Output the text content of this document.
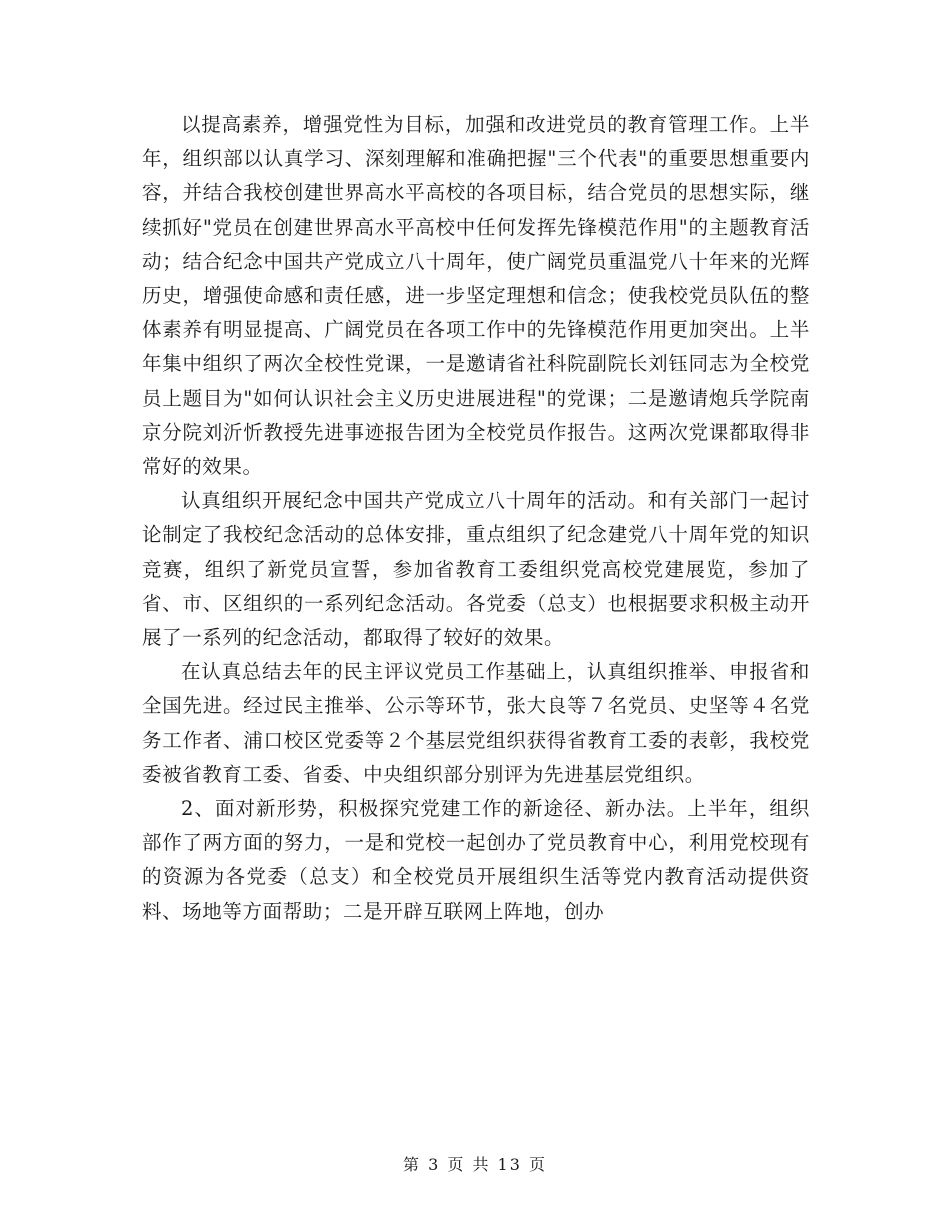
以提高素养，增强党性为目标，加强和改进党员的教育管理工作。上半年，组织部以认真学习、深刻理解和准确把握"三个代表"的重要思想重要内容，并结合我校创建世界高水平高校的各项目标，结合党员的思想实际，继续抓好"党员在创建世界高水平高校中任何发挥先锋模范作用"的主题教育活动；结合纪念中国共产党成立八十周年，使广阔党员重温党八十年来的光辉历史，增强使命感和责任感，进一步坚定理想和信念；使我校党员队伍的整体素养有明显提高、广阔党员在各项工作中的先锋模范作用更加突出。上半年集中组织了两次全校性党课，一是邀请省社科院副院长刘钰同志为全校党员上题目为"如何认识社会主义历史进展进程"的党课；二是邀请炮兵学院南京分院刘沂忻教授先进事迹报告团为全校党员作报告。这两次党课都取得非常好的效果。

认真组织开展纪念中国共产党成立八十周年的活动。和有关部门一起讨论制定了我校纪念活动的总体安排，重点组织了纪念建党八十周年党的知识竞赛，组织了新党员宣誓，参加省教育工委组织党高校党建展览，参加了省、市、区组织的一系列纪念活动。各党委（总支）也根据要求积极主动开展了一系列的纪念活动，都取得了较好的效果。

在认真总结去年的民主评议党员工作基础上，认真组织推举、申报省和全国先进。经过民主推举、公示等环节，张大良等７名党员、史坚等４名党务工作者、浦口校区党委等２个基层党组织获得省教育工委的表彰，我校党委被省教育工委、省委、中央组织部分别评为先进基层党组织。

2、面对新形势，积极探究党建工作的新途径、新办法。上半年，组织部作了两方面的努力，一是和党校一起创办了党员教育中心，利用党校现有的资源为各党委（总支）和全校党员开展组织生活等党内教育活动提供资料、场地等方面帮助；二是开辟互联网上阵地，创办

第 3 页 共 13 页
